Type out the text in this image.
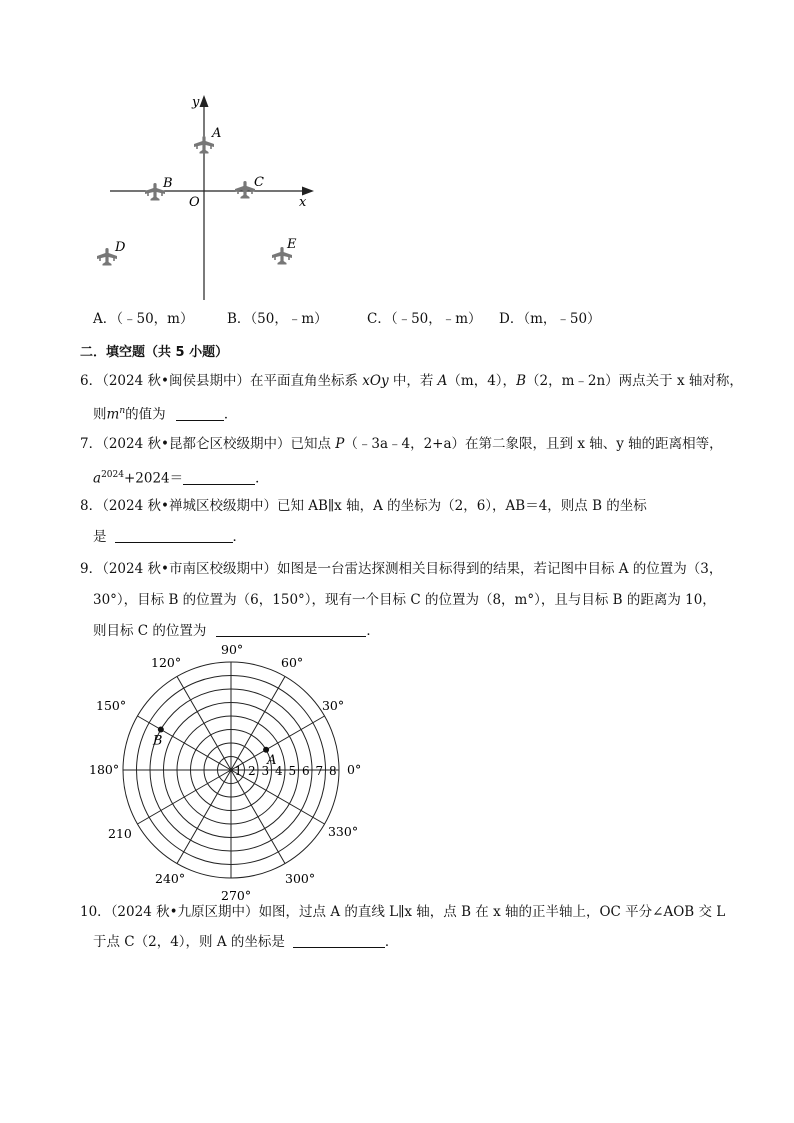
y
x
O
A
B	C
D	E
A．（﹣50，m） B．（50，﹣m）	C．（﹣50，﹣m） D．（m，﹣50）
二．填空题（共 5 小题）
6．（2024 秋•闽侯县期中）在平面直角坐标系 xOy 中，若 A（m，4），B（2，m﹣2n）两点关于 x 轴对称，
则$m^n$的值为	．
7．（2024 秋•昆都仑区校级期中）已知点 P（﹣3a﹣4，2+a）在第二象限，且到 x 轴、y 轴的距离相等，
$a^{2024}+2024=$	．
8．（2024 秋•禅城区校级期中）已知 AB∥x 轴，A 的坐标为（2，6），AB＝4，则点 B 的坐标
是	．
9．（2024 秋•市南区校级期中）如图是一台雷达探测相关目标得到的结果，若记图中目标 A 的位置为（3，
30°），目标 B 的位置为（6，150°），现有一个目标 C 的位置为（8，m°），且与目标 B 的距离为 10，
则目标 C 的位置为	．
1 2 3 4 5 6 7 8 0°
30°
60°
90°
120°
150°
180°
210
240°
270°
300°
330°
A
B
10．（2024 秋•九原区期中）如图，过点 A 的直线 L∥x 轴，点 B 在 x 轴的正半轴上，OC 平分∠AOB 交 L
于点 C（2，4），则 A 的坐标是	．
